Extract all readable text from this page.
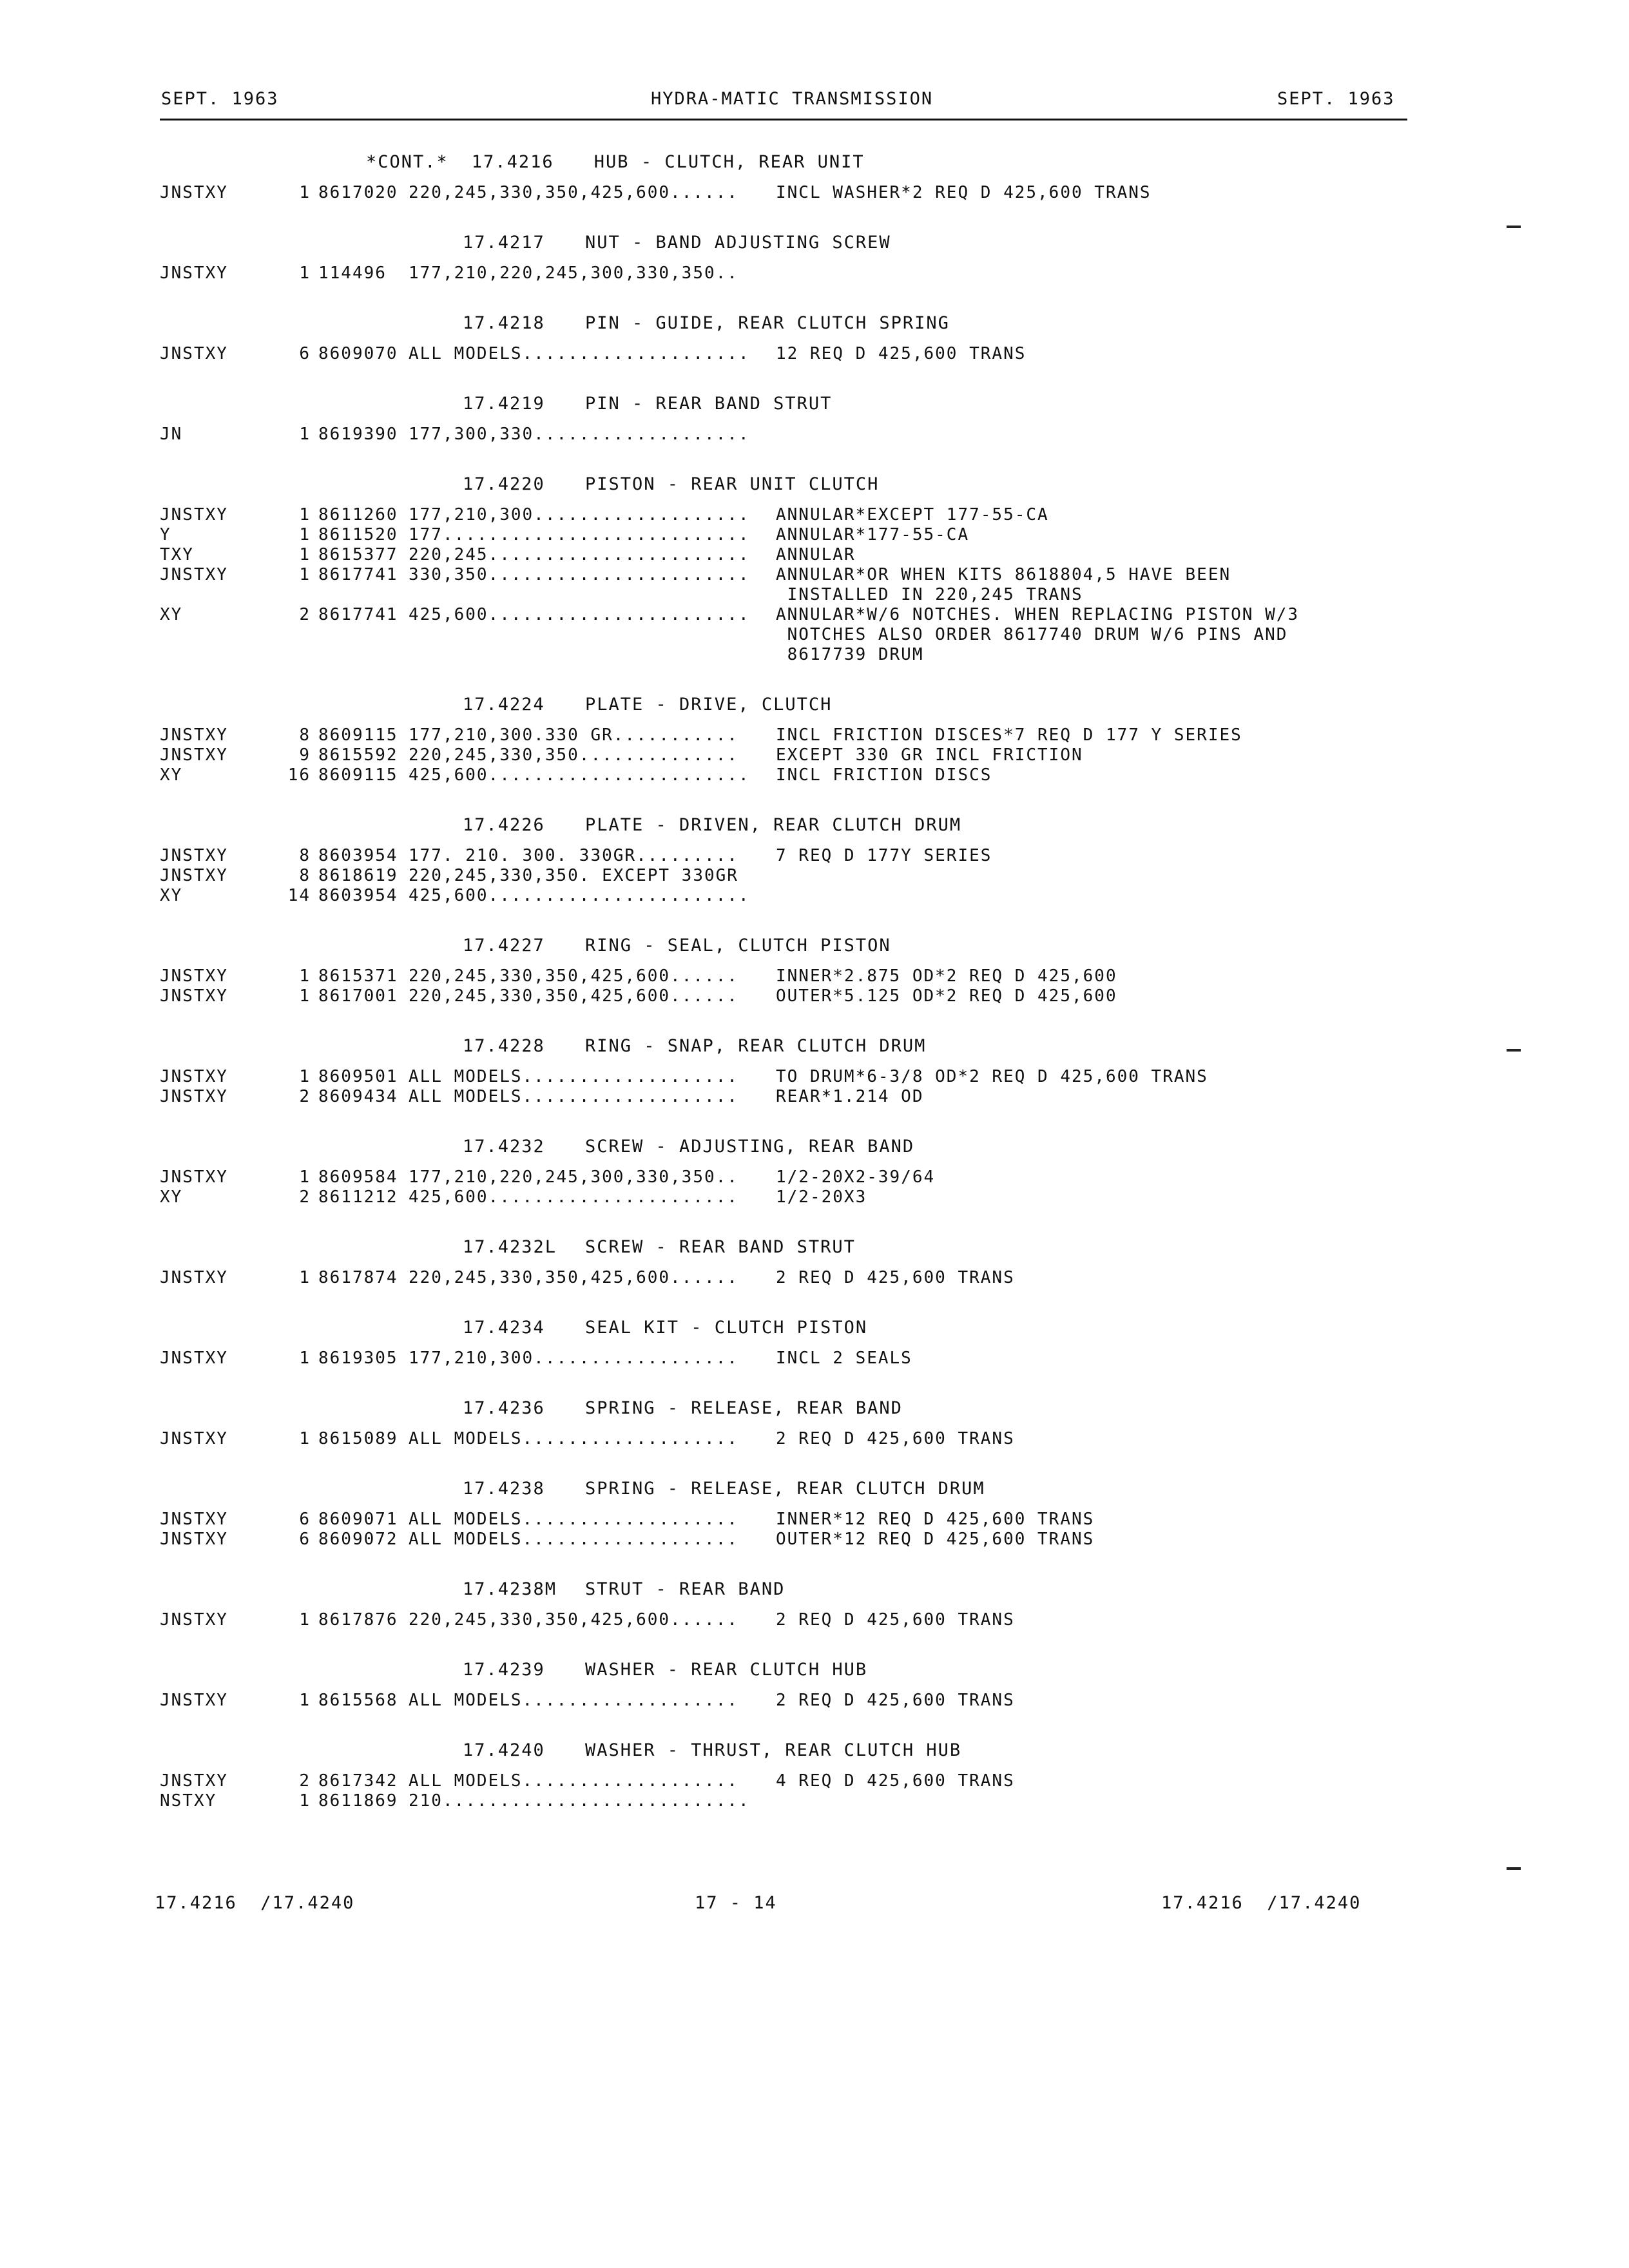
SEPT. 1963	HYDRA-MATIC TRANSMISSION	SEPT. 1963
*CONT.* 17.4216 HUB - CLUTCH, REAR UNIT
JNSTXY	1 8617020 220,245,330,350,425,600......	INCL WASHER*2 REQ D 425,600 TRANS
17.4217 NUT - BAND ADJUSTING SCREW
JNSTXY	1 114496	177,210,220,245,300,330,350..
17.4218 PIN - GUIDE, REAR CLUTCH SPRING
JNSTXY	6 8609070 ALL MODELS....................	12 REQ D 425,600 TRANS
17.4219 PIN - REAR BAND STRUT
JN	1 8619390 177,300,330...................
17.4220 PISTON - REAR UNIT CLUTCH
JNSTXY	1 8611260 177,210,300...................	ANNULAR*EXCEPT 177-55-CA
Y	1 8611520 177...........................	ANNULAR*177-55-CA
TXY	1 8615377 220,245.......................	ANNULAR
JNSTXY	1 8617741 330,350.......................	ANNULAR*OR WHEN KITS 8618804,5 HAVE BEEN
INSTALLED IN 220,245 TRANS
XY	2 8617741 425,600.......................	ANNULAR*W/6 NOTCHES. WHEN REPLACING PISTON W/3
NOTCHES ALSO ORDER 8617740 DRUM W/6 PINS AND
8617739 DRUM
17.4224 PLATE - DRIVE, CLUTCH
JNSTXY	8 8609115 177,210,300.330 GR...........	INCL FRICTION DISCES*7 REQ D 177 Y SERIES
JNSTXY	9 8615592 220,245,330,350..............	EXCEPT 330 GR INCL FRICTION
XY	16 8609115 425,600.......................	INCL FRICTION DISCS
17.4226 PLATE - DRIVEN, REAR CLUTCH DRUM
JNSTXY	8 8603954 177. 210. 300. 330GR.........	7 REQ D 177Y SERIES
JNSTXY	8 8618619 220,245,330,350. EXCEPT 330GR
XY	14 8603954 425,600.......................
17.4227 RING - SEAL, CLUTCH PISTON
JNSTXY	1 8615371 220,245,330,350,425,600......	INNER*2.875 OD*2 REQ D 425,600
JNSTXY	1 8617001 220,245,330,350,425,600......	OUTER*5.125 OD*2 REQ D 425,600
17.4228 RING - SNAP, REAR CLUTCH DRUM
JNSTXY	1 8609501 ALL MODELS...................	TO DRUM*6-3/8 OD*2 REQ D 425,600 TRANS
JNSTXY	2 8609434 ALL MODELS...................	REAR*1.214 OD
17.4232 SCREW - ADJUSTING, REAR BAND
JNSTXY	1 8609584 177,210,220,245,300,330,350..	1/2-20X2-39/64
XY	2 8611212 425,600......................	1/2-20X3
17.4232L SCREW - REAR BAND STRUT
JNSTXY	1 8617874 220,245,330,350,425,600......	2 REQ D 425,600 TRANS
17.4234 SEAL KIT - CLUTCH PISTON
JNSTXY	1 8619305 177,210,300..................	INCL 2 SEALS
17.4236 SPRING - RELEASE, REAR BAND
JNSTXY	1 8615089 ALL MODELS...................	2 REQ D 425,600 TRANS
17.4238 SPRING - RELEASE, REAR CLUTCH DRUM
JNSTXY	6 8609071 ALL MODELS...................	INNER*12 REQ D 425,600 TRANS
JNSTXY	6 8609072 ALL MODELS...................	OUTER*12 REQ D 425,600 TRANS
17.4238M STRUT - REAR BAND
JNSTXY	1 8617876 220,245,330,350,425,600......	2 REQ D 425,600 TRANS
17.4239 WASHER - REAR CLUTCH HUB
JNSTXY	1 8615568 ALL MODELS...................	2 REQ D 425,600 TRANS
17.4240 WASHER - THRUST, REAR CLUTCH HUB
JNSTXY	2 8617342 ALL MODELS...................	4 REQ D 425,600 TRANS
NSTXY	1 8611869 210...........................
17.4216  /17.4240	17 - 14	17.4216  /17.4240
